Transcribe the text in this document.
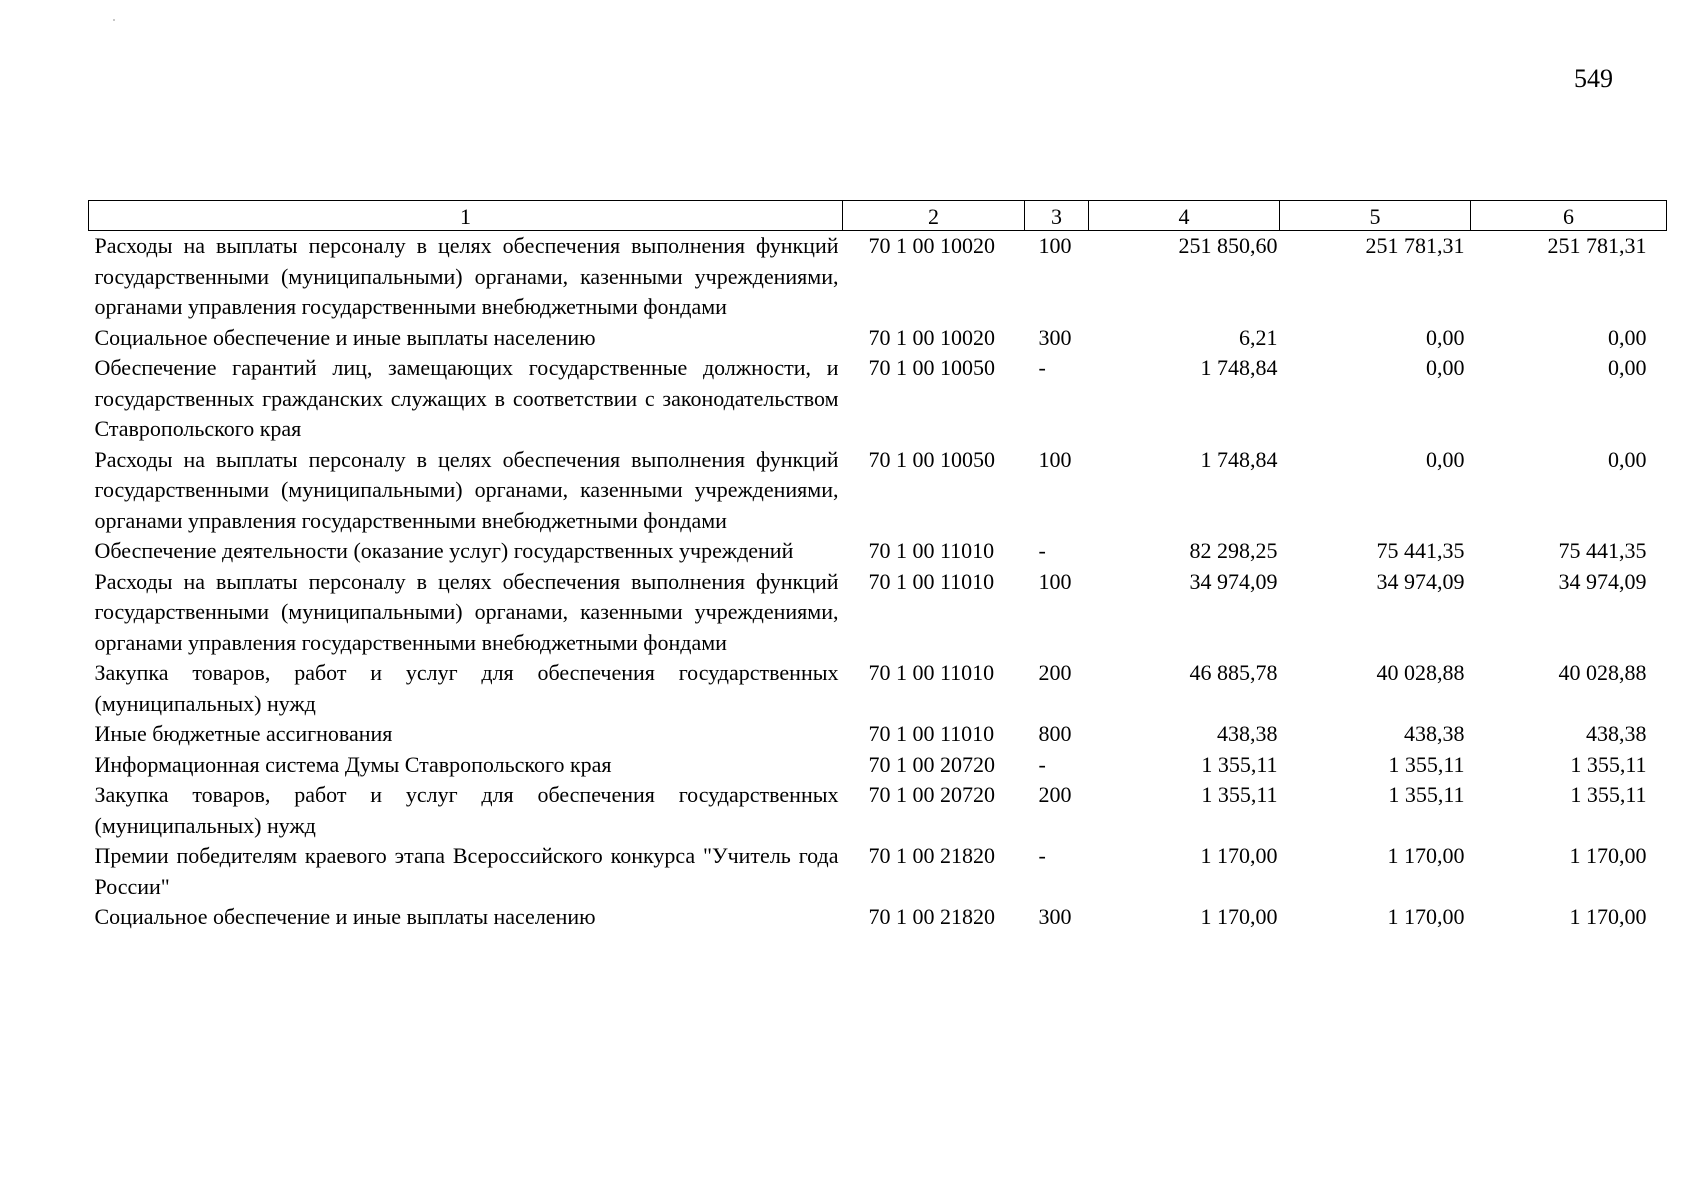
549
1	2	3	4	5	6
Расходы на выплаты персоналу в целях обеспечения выполнения функций государственными (муниципальными) органами, казенными учреждениями, органами управления государственными внебюджетными фондами	70 1 00 10020	100	251 850,60	251 781,31	251 781,31
Социальное обеспечение и иные выплаты населению	70 1 00 10020	300	6,21	0,00	0,00
Обеспечение гарантий лиц, замещающих государственные должности, и государственных гражданских служащих в соответствии с законодательством Ставропольского края	70 1 00 10050	-	1 748,84	0,00	0,00
Расходы на выплаты персоналу в целях обеспечения выполнения функций государственными (муниципальными) органами, казенными учреждениями, органами управления государственными внебюджетными фондами	70 1 00 10050	100	1 748,84	0,00	0,00
Обеспечение деятельности (оказание услуг) государственных учреждений	70 1 00 11010	-	82 298,25	75 441,35	75 441,35
Расходы на выплаты персоналу в целях обеспечения выполнения функций государственными (муниципальными) органами, казенными учреждениями, органами управления государственными внебюджетными фондами	70 1 00 11010	100	34 974,09	34 974,09	34 974,09
Закупка товаров, работ и услуг для обеспечения государственных (муниципальных) нужд	70 1 00 11010	200	46 885,78	40 028,88	40 028,88
Иные бюджетные ассигнования	70 1 00 11010	800	438,38	438,38	438,38
Информационная система Думы Ставропольского края	70 1 00 20720	-	1 355,11	1 355,11	1 355,11
Закупка товаров, работ и услуг для обеспечения государственных (муниципальных) нужд	70 1 00 20720	200	1 355,11	1 355,11	1 355,11
Премии победителям краевого этапа Всероссийского конкурса "Учитель года России"	70 1 00 21820	-	1 170,00	1 170,00	1 170,00
Социальное обеспечение и иные выплаты населению	70 1 00 21820	300	1 170,00	1 170,00	1 170,00
